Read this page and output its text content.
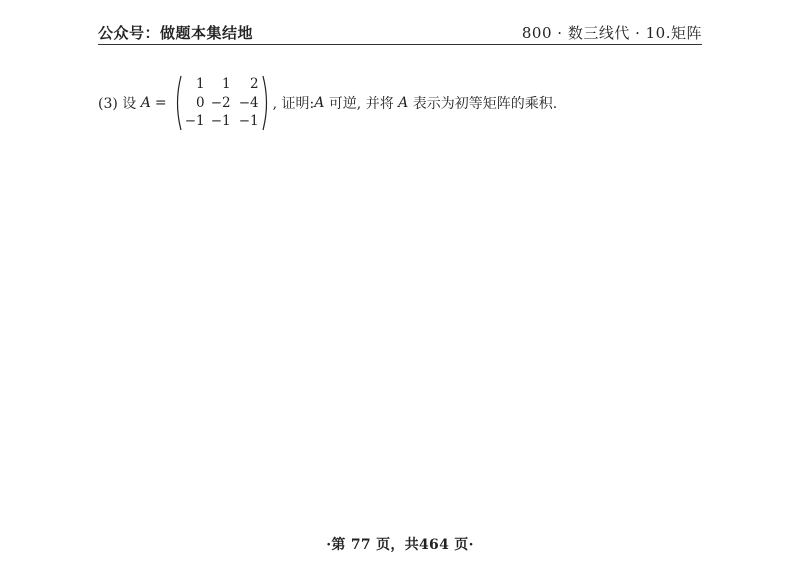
公众号：做题本集结地	800 · 数三线代 · 10.矩阵
(3) 设 A =
1	1	2
0 −2 −4
−1 −1 −1
, 证明: A 可逆, 并将 A 表示为初等矩阵的乘积.
·第 77 页，共464 页·
